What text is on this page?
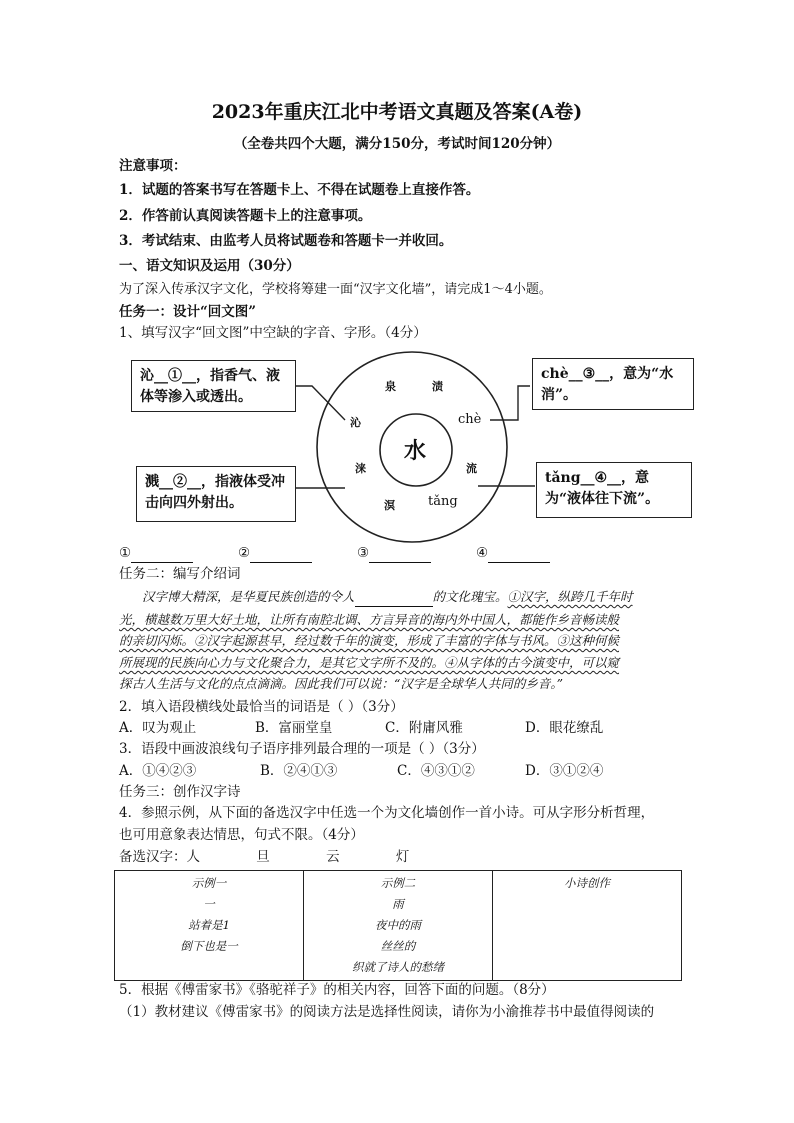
2023年重庆江北中考语文真题及答案(A卷)
（全卷共四个大题，满分150分，考试时间120分钟）
注意事项：
1．试题的答案书写在答题卡上、不得在试题卷上直接作答。
2．作答前认真阅读答题卡上的注意事项。
3．考试结束、由监考人员将试题卷和答题卡一并收回。
一、语文知识及运用（30分）
为了深入传承汉字文化，学校将筹建一面“汉字文化墙”，请完成1～4小题。
任务一：设计“回文图”
1、填写汉字“回文图”中空缺的字音、字形。（4分）
水
泉	渍
沁	chè
涞	流
溟	tǎng
沁__①__，指香气、液体等渗入或透出。
chè__③__，意为“水消”。
溅__②__，指液体受冲击向四外射出。
tǎng__④__，意为“液体往下流”。
①	②	③	④
任务二：编写介绍词
汉字博大精深，是华夏民族创造的令人	的文化瑰宝。①汉字，纵跨几千年时
光，横越数万里大好土地，让所有南腔北调、方言异音的海内外中国人，都能作乡音畅读般
的亲切闪烁。②汉字起源甚早，经过数千年的演变，形成了丰富的字体与书风。③这种何候
所展现的民族向心力与文化聚合力，是其它文字所不及的。④从字体的古今演变中，可以窥
探古人生活与文化的点点滴滴。因此我们可以说：“汉字是全球华人共同的乡音。”
2．填入语段横线处最恰当的词语是（ ）（3分）
A．叹为观止	B．富丽堂皇	C．附庸风雅	D．眼花缭乱
3．语段中画波浪线句子语序排列最合理的一项是（ ）（3分）
A．①④②③	B．②④①③	C．④③①②	D．③①②④
任务三：创作汉字诗
4．参照示例，从下面的备选汉字中任选一个为文化墙创作一首小诗。可从字形分析哲理，
也可用意象表达情思，句式不限。（4分）
备选汉字：人	旦	云	灯
示例一
一
站着是1
倒下也是一

示例二
雨
夜中的雨
丝丝的
织就了诗人的愁绪

小诗创作
5．根据《傅雷家书》《骆驼祥子》的相关内容，回答下面的问题。（8分）
（1）教材建议《傅雷家书》的阅读方法是选择性阅读，请你为小渝推荐书中最值得阅读的
